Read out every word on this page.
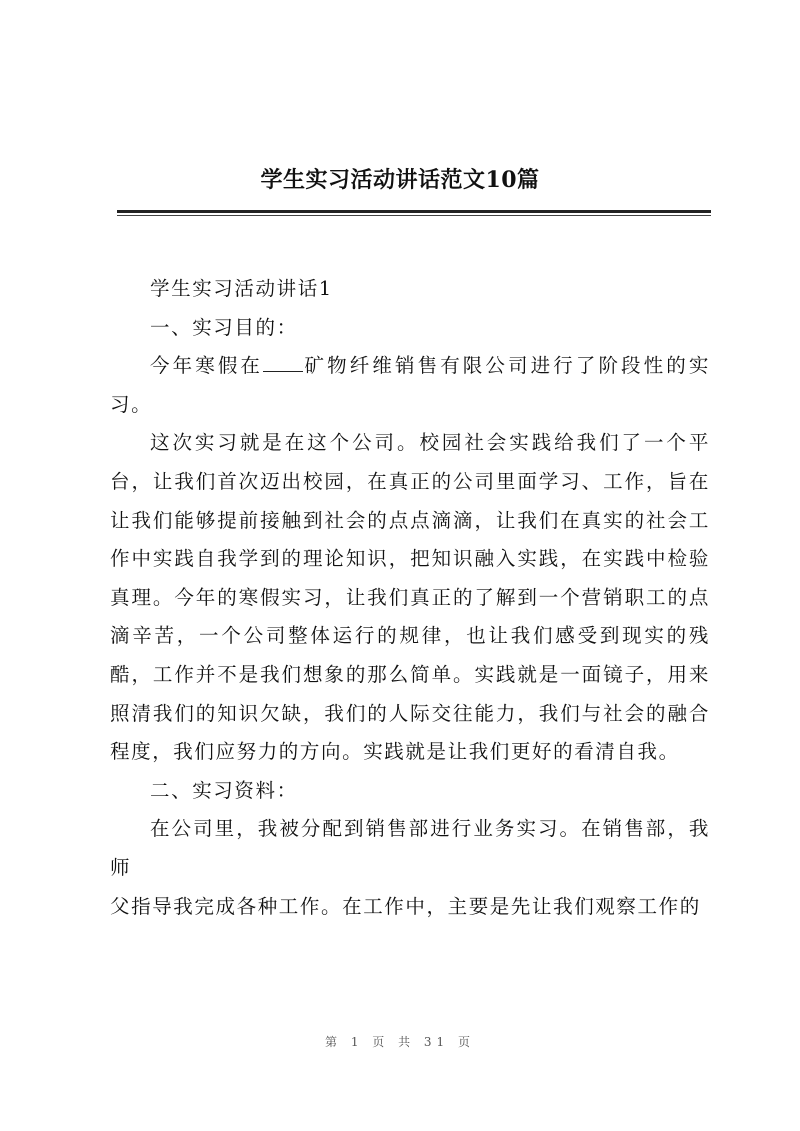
学生实习活动讲话范文10篇

学生实习活动讲话1

一、实习目的：

今年寒假在 矿物纤维销售有限公司进行了阶段性的实习。

这次实习就是在这个公司。校园社会实践给我们了一个平台，让我们首次迈出校园，在真正的公司里面学习、工作，旨在让我们能够提前接触到社会的点点滴滴，让我们在真实的社会工作中实践自我学到的理论知识，把知识融入实践，在实践中检验真理。今年的寒假实习，让我们真正的了解到一个营销职工的点滴辛苦，一个公司整体运行的规律，也让我们感受到现实的残酷，工作并不是我们想象的那么简单。实践就是一面镜子，用来照清我们的知识欠缺，我们的人际交往能力，我们与社会的融合程度，我们应努力的方向。实践就是让我们更好的看清自我。

二、实习资料：

在公司里，我被分配到销售部进行业务实习。在销售部，我师

父指导我完成各种工作。在工作中，主要是先让我们观察工作的

第 1 页 共 31 页
